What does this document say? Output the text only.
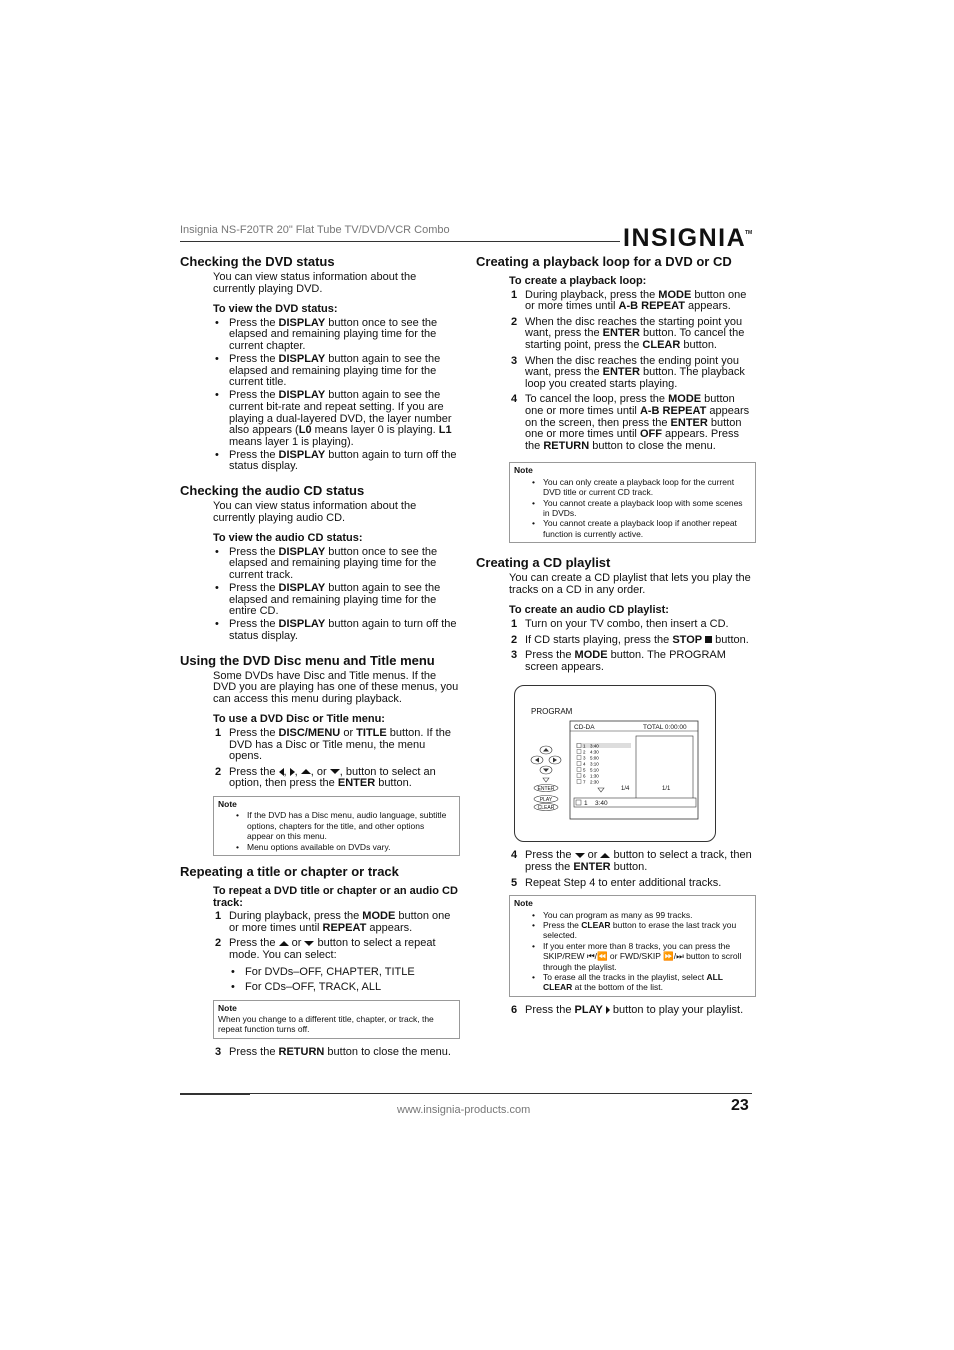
Insignia NS-F20TR 20" Flat Tube TV/DVD/VCR Combo	INSIGNIA
TM
Checking the DVD status

You can view status information about the currently playing DVD.

To view the DVD status:

• Press the DISPLAY button once to see the elapsed and remaining playing time for the current chapter.
• Press the DISPLAY button again to see the elapsed and remaining playing time for the current title.
• Press the DISPLAY button again to see the current bit-rate and repeat setting. If you are playing a dual-layered DVD, the layer number also appears (L0 means layer 0 is playing. L1 means layer 1 is playing).
• Press the DISPLAY button again to turn off the status display.
Checking the audio CD status

You can view status information about the currently playing audio CD.

To view the audio CD status:

• Press the DISPLAY button once to see the elapsed and remaining playing time for the current track.
• Press the DISPLAY button again to see the elapsed and remaining playing time for the entire CD.
• Press the DISPLAY button again to turn off the status display.
Using the DVD Disc menu and Title menu

Some DVDs have Disc and Title menus. If the DVD you are playing has one of these menus, you can access this menu during playback.

To use a DVD Disc or Title menu:

1 Press the DISC/MENU or TITLE button. If the DVD has a Disc or Title menu, the menu opens.
2 Press the , , , or , button to select an option, then press the ENTER button.
Note
• If the DVD has a Disc menu, audio language, subtitle options, chapters for the title, and other options appear on this menu.
• Menu options available on DVDs vary.
Repeating a title or chapter or track

To repeat a DVD title or chapter or an audio CD track:

1 During playback, press the MODE button one or more times until REPEAT appears.
2 Press the  or  button to select a repeat mode. You can select:
• For DVDs–OFF, CHAPTER, TITLE
• For CDs–OFF, TRACK, ALL
Note

When you change to a different title, chapter, or track, the repeat function turns off.

3 Press the RETURN button to close the menu.
Creating a playback loop for a DVD or CD

To create a playback loop:

1 During playback, press the MODE button one or more times until A-B REPEAT appears.
2 When the disc reaches the starting point you want, press the ENTER button. To cancel the starting point, press the CLEAR button.
3 When the disc reaches the ending point you want, press the ENTER button. The playback loop you created starts playing.
4 To cancel the loop, press the MODE button one or more times until A-B REPEAT appears on the screen, then press the ENTER button one or more times until OFF appears. Press the RETURN button to close the menu.
Note
• You can only create a playback loop for the current DVD title or current CD track.
• You cannot create a playback loop with some scenes in DVDs.
• You cannot create a playback loop if another repeat function is currently active.
Creating a CD playlist

You can create a CD playlist that lets you play the tracks on a CD in any order.

To create an audio CD playlist:

1 Turn on your TV combo, then insert a CD.
2 If CD starts playing, press the STOP button.
3 Press the MODE button. The PROGRAM screen appears.
PROGRAM
CD-DA	TOTAL 0:00:00
1 3:40
2 4:30
3 5:00
4 3:10
5 5:10
6 1:30
7 2:30
1/4	1/1
1 3:40
ENTER
PLAY
CLEAR
4 Press the  or  button to select a track, then press the ENTER button.
5 Repeat Step 4 to enter additional tracks.
Note
• You can program as many as 99 tracks.
• Press the CLEAR button to erase the last track you selected.
• If you enter more than 8 tracks, you can press the SKIP/REW ⏮/⏪ or FWD/SKIP ⏩/⏭ button to scroll through the playlist.
• To erase all the tracks in the playlist, select ALL CLEAR at the bottom of the list.
6 Press the PLAY button to play your playlist.
www.insignia-products.com	23
